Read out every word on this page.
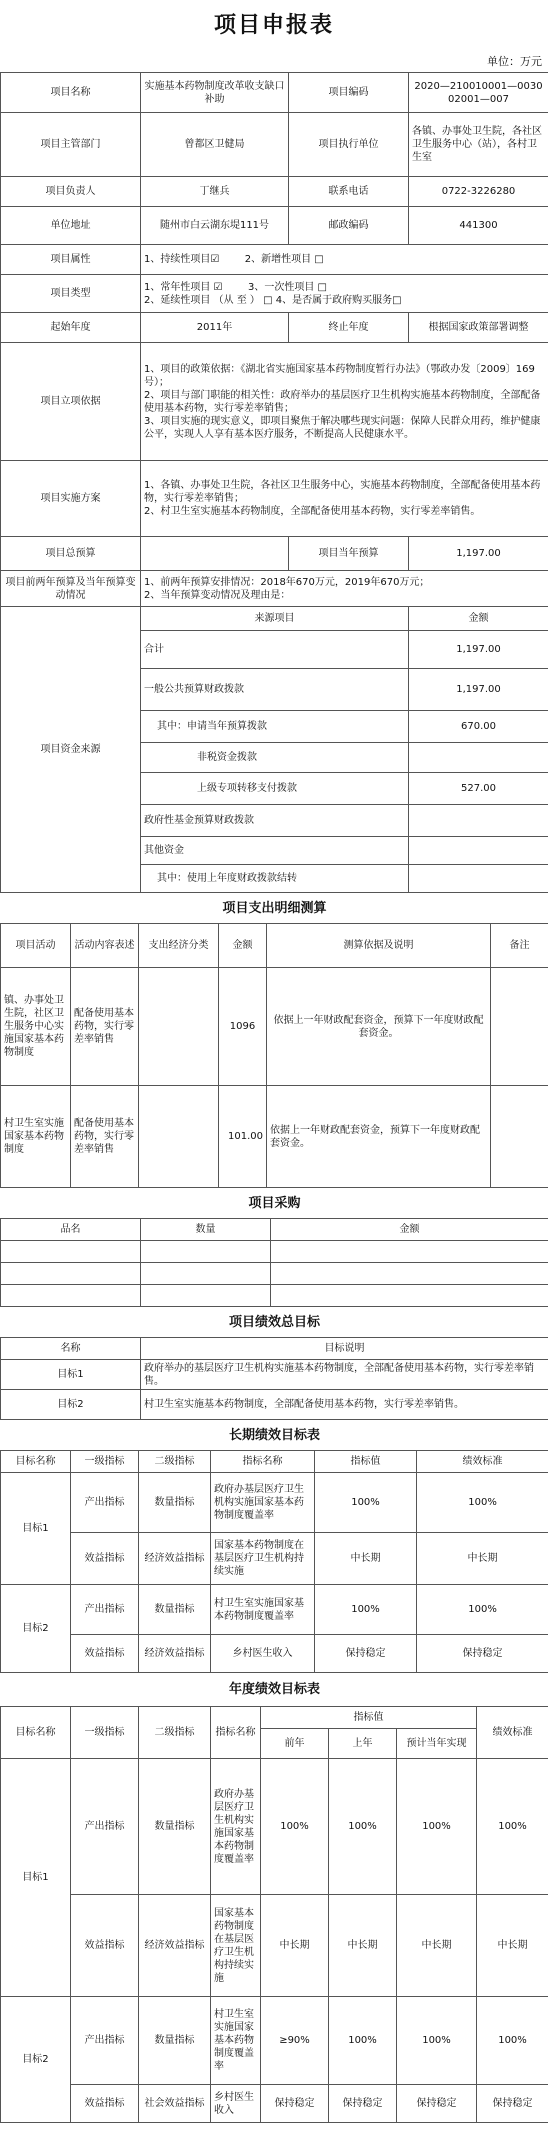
项目申报表
单位：万元
项目名称	实施基本药物制度改革收支缺口补助	项目编码	2020—210010001—003002001—007
项目主管部门	曾都区卫健局	项目执行单位	各镇、办事处卫生院，各社区卫生服务中心（站），各村卫生室
项目负责人	丁继兵	联系电话	0722-3226280
单位地址	随州市白云湖东堤111号	邮政编码	441300
项目属性	1、持续性项目☑ 2、新增性项目 □		
项目类型	1、常年性项目 ☑ 3、一次性项目 □
2、延续性项目 （从 至 ） □ 4、是否属于政府购买服务□		

起始年度	2011年	终止年度	根据国家政策部署调整
项目立项依据	1、项目的政策依据：《湖北省实施国家基本药物制度暂行办法》（鄂政办发〔2009〕169号）；
2、项目与部门职能的相关性：政府举办的基层医疗卫生机构实施基本药物制度，全部配备使用基本药物，实行零差率销售；
3、项目实施的现实意义，即项目聚焦于解决哪些现实问题：保障人民群众用药，维护健康公平，实现人人享有基本医疗服务，不断提高人民健康水平。		
项目实施方案	1、各镇、办事处卫生院，各社区卫生服务中心，实施基本药物制度，全部配备使用基本药物，实行零差率销售；
2、村卫生室实施基本药物制度，全部配备使用基本药物，实行零差率销售。		
项目总预算		项目当年预算	1,197.00
项目前两年预算及当年预算变动情况	1、前两年预算安排情况：2018年670万元，2019年670万元；
2、当年预算变动情况及理由是：		
项目资金来源	来源项目	金额
	合计	1,197.00
	一般公共预算财政拨款	1,197.00
	其中：申请当年预算拨款	670.00
	非税资金拨款	
	上级专项转移支付拨款	527.00
	政府性基金预算财政拨款	
	其他资金	
	其中：使用上年度财政拨款结转	
项目支出明细测算					
项目活动	活动内容表述	支出经济分类	金额	测算依据及说明	备注
镇、办事处卫生院，社区卫生服务中心实施国家基本药物制度	配备使用基本药物，实行零差率销售		1096	依据上一年财政配套资金，预算下一年度财政配套资金。	
村卫生室实施国家基本药物制度	配备使用基本药物，实行零差率销售		101.00	依据上一年财政配套资金，预算下一年度财政配套资金。	
项目采购		
品名	数量	金额

项目绩效总目标	
名称	目标说明
目标1	政府举办的基层医疗卫生机构实施基本药物制度，全部配备使用基本药物，实行零差率销售。
目标2	村卫生室实施基本药物制度，全部配备使用基本药物，实行零差率销售。
长期绩效目标表					
目标名称	一级指标	二级指标	指标名称	指标值	绩效标准
目标1	产出指标	数量指标	政府办基层医疗卫生机构实施国家基本药物制度覆盖率	100%	100%
	效益指标	经济效益指标	国家基本药物制度在基层医疗卫生机构持续实施	中长期	中长期
目标2	产出指标	数量指标	村卫生室实施国家基本药物制度覆盖率	100%	100%
	效益指标	经济效益指标	乡村医生收入	保持稳定	保持稳定
年度绩效目标表							
目标名称	一级指标	二级指标	指标名称	指标值			绩效标准
				前年	上年	预计当年实现	
目标1	产出指标	数量指标	政府办基层医疗卫生机构实施国家基本药物制度覆盖率	100%	100%	100%	100%
	效益指标	经济效益指标	国家基本药物制度在基层医疗卫生机构持续实施	中长期	中长期	中长期	中长期
目标2	产出指标	数量指标	村卫生室实施国家基本药物制度覆盖率	≥90%	100%	100%	100%
	效益指标	社会效益指标	乡村医生收入	保持稳定	保持稳定	保持稳定	保持稳定
